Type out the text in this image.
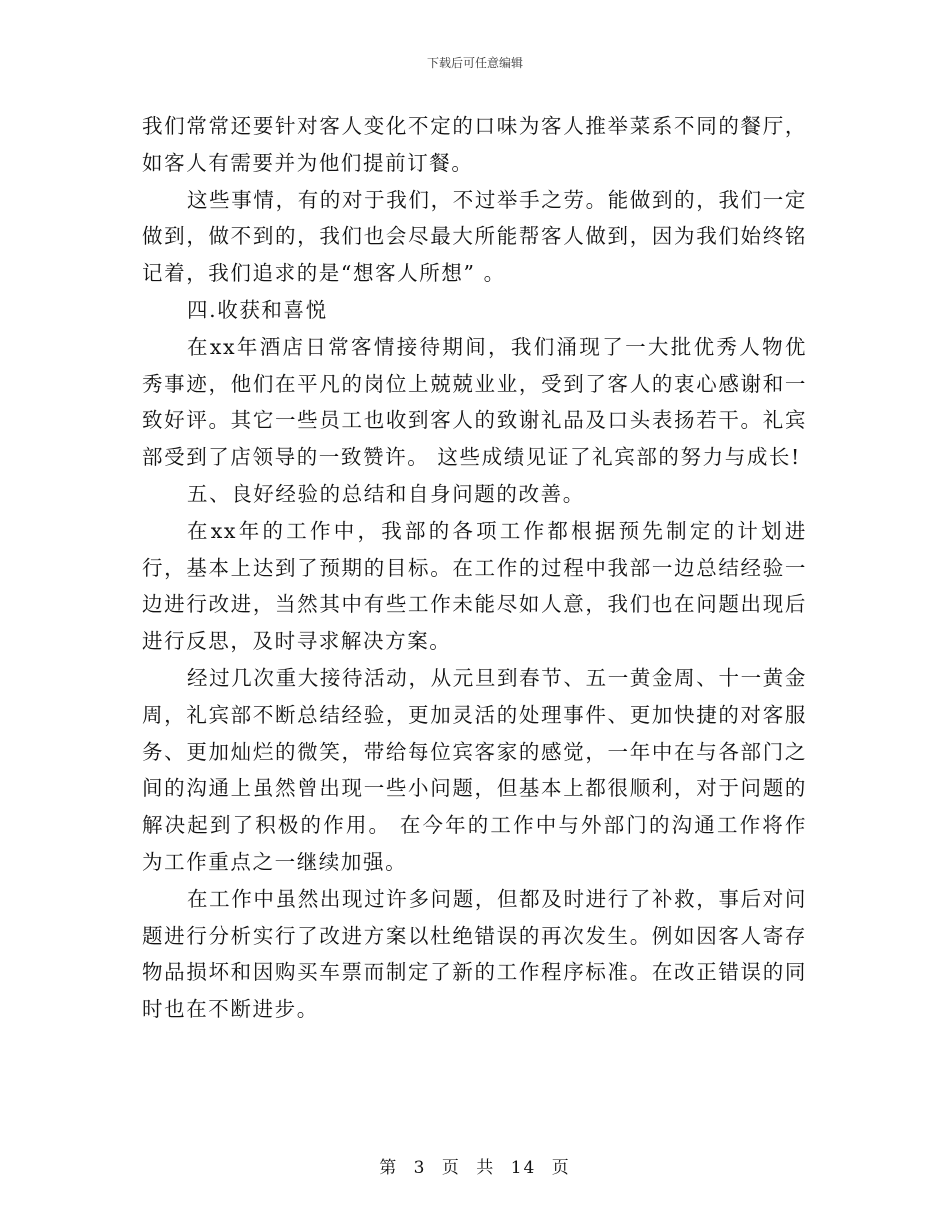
下载后可任意编辑

我们常常还要针对客人变化不定的口味为客人推举菜系不同的餐厅，如客人有需要并为他们提前订餐。

这些事情，有的对于我们，不过举手之劳。能做到的，我们一定做到，做不到的，我们也会尽最大所能帮客人做到，因为我们始终铭记着，我们追求的是“想客人所想” 。

四.收获和喜悦

在xx年酒店日常客情接待期间，我们涌现了一大批优秀人物优秀事迹，他们在平凡的岗位上兢兢业业，受到了客人的衷心感谢和一致好评。其它一些员工也收到客人的致谢礼品及口头表扬若干。礼宾部受到了店领导的一致赞许。 这些成绩见证了礼宾部的努力与成长!

五、良好经验的总结和自身问题的改善。

在xx年的工作中，我部的各项工作都根据预先制定的计划进 行，基本上达到了预期的目标。在工作的过程中我部一边总结经验一边进行改进，当然其中有些工作未能尽如人意，我们也在问题出现后进行反思，及时寻求解决方案。

经过几次重大接待活动，从元旦到春节、五一黄金周、十一黄金周，礼宾部不断总结经验，更加灵活的处理事件、更加快捷的对客服务、更加灿烂的微笑，带给每位宾客家的感觉，一年中在与各部门之间的沟通上虽然曾出现一些小问题，但基本上都很顺利，对于问题的解决起到了积极的作用。 在今年的工作中与外部门的沟通工作将作为工作重点之一继续加强。

在工作中虽然出现过许多问题，但都及时进行了补救，事后对问题进行分析实行了改进方案以杜绝错误的再次发生。例如因客人寄存物品损坏和因购买车票而制定了新的工作程序标准。在改正错误的同时也在不断进步。

第 3 页 共 14 页
